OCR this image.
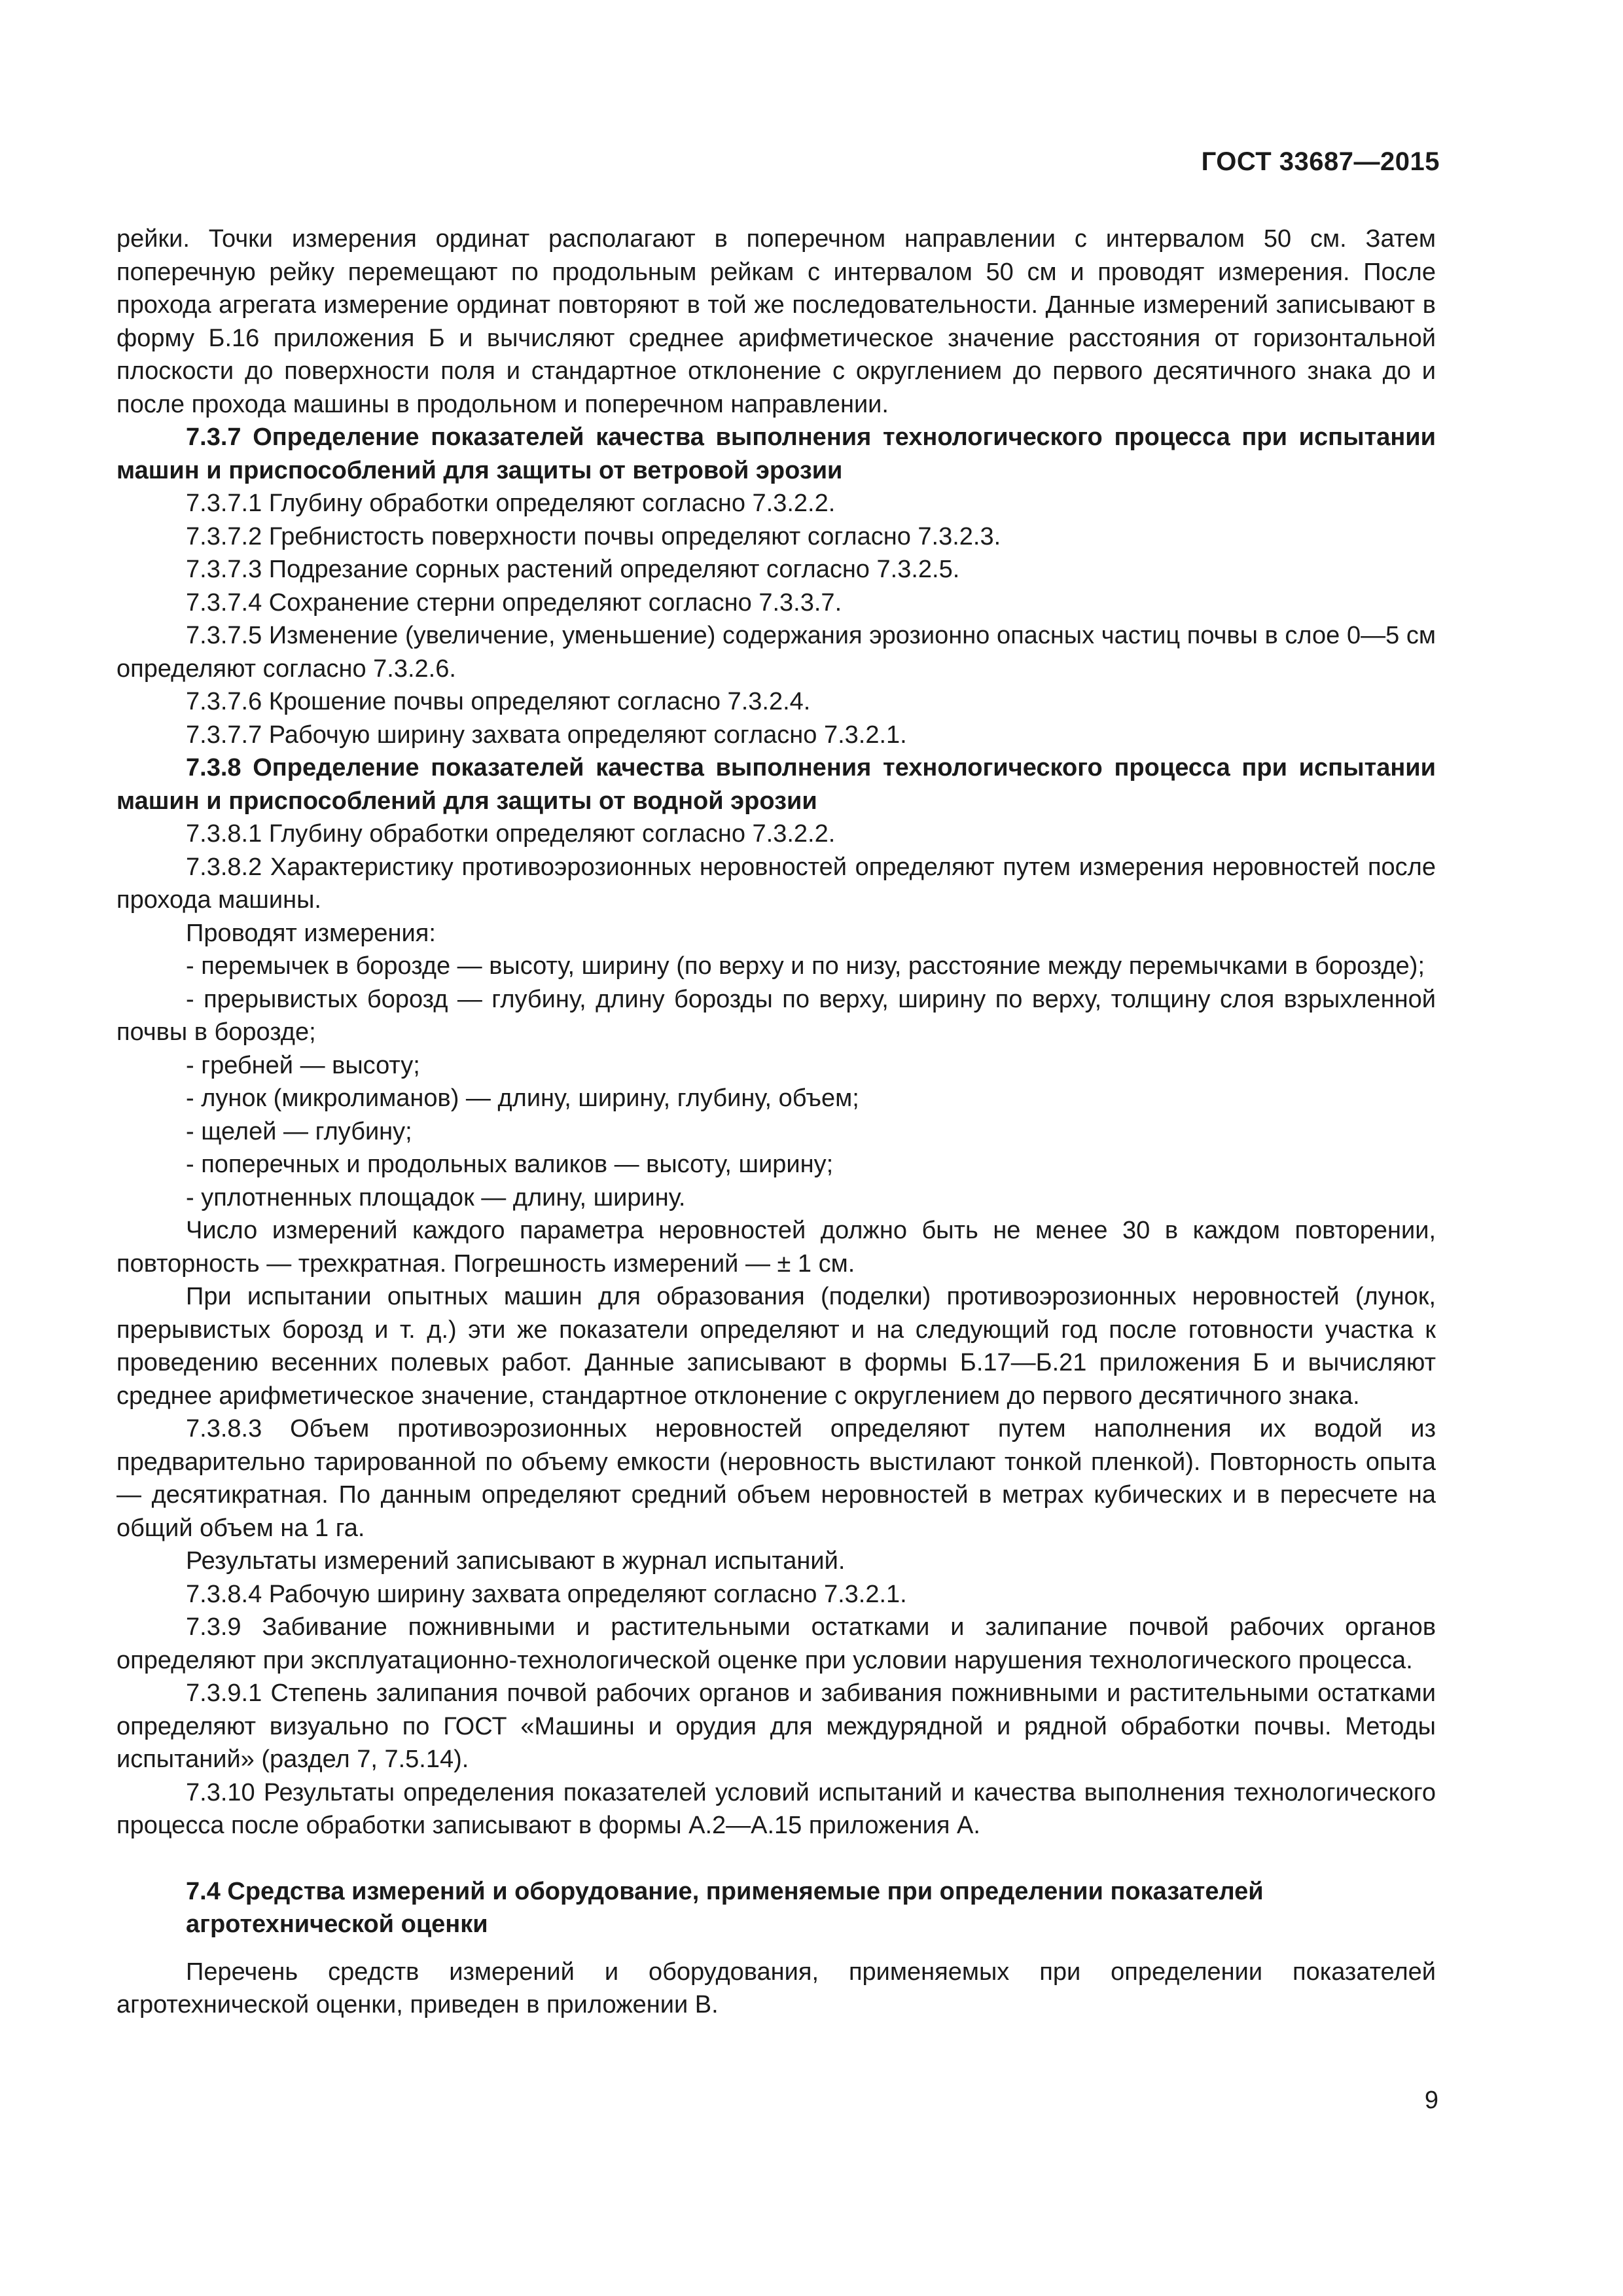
ГОСТ 33687—2015

рейки. Точки измерения ординат располагают в поперечном направлении с интервалом 50 см. Затем поперечную рейку перемещают по продольным рейкам с интервалом 50 см и проводят измерения. После прохода агрегата измерение ординат повторяют в той же последовательности. Данные измерений записывают в форму Б.16 приложения Б и вычисляют среднее арифметическое значение расстояния от горизонтальной плоскости до поверхности поля и стандартное отклонение с округлением до первого десятичного знака до и после прохода машины в продольном и поперечном направлении.

7.3.7 Определение показателей качества выполнения технологического процесса при испытании машин и приспособлений для защиты от ветровой эрозии

7.3.7.1 Глубину обработки определяют согласно 7.3.2.2.

7.3.7.2 Гребнистость поверхности почвы определяют согласно 7.3.2.3.

7.3.7.3 Подрезание сорных растений определяют согласно 7.3.2.5.

7.3.7.4 Сохранение стерни определяют согласно 7.3.3.7.

7.3.7.5 Изменение (увеличение, уменьшение) содержания эрозионно опасных частиц почвы в слое 0—5 см определяют согласно 7.3.2.6.

7.3.7.6 Крошение почвы определяют согласно 7.3.2.4.

7.3.7.7 Рабочую ширину захвата определяют согласно 7.3.2.1.

7.3.8 Определение показателей качества выполнения технологического процесса при испытании машин и приспособлений для защиты от водной эрозии

7.3.8.1 Глубину обработки определяют согласно 7.3.2.2.

7.3.8.2 Характеристику противоэрозионных неровностей определяют путем измерения неровностей после прохода машины.

Проводят измерения:

- перемычек в борозде — высоту, ширину (по верху и по низу, расстояние между перемычками в борозде);

- прерывистых борозд — глубину, длину борозды по верху, ширину по верху, толщину слоя взрыхленной почвы в борозде;

- гребней — высоту;

- лунок (микролиманов) — длину, ширину, глубину, объем;

- щелей — глубину;

- поперечных и продольных валиков — высоту, ширину;

- уплотненных площадок — длину, ширину.

Число измерений каждого параметра неровностей должно быть не менее 30 в каждом повторении, повторность — трехкратная. Погрешность измерений — ± 1 см.

При испытании опытных машин для образования (поделки) противоэрозионных неровностей (лунок, прерывистых борозд и т. д.) эти же показатели определяют и на следующий год после готовности участка к проведению весенних полевых работ. Данные записывают в формы Б.17—Б.21 приложения Б и вычисляют среднее арифметическое значение, стандартное отклонение с округлением до первого десятичного знака.

7.3.8.3 Объем противоэрозионных неровностей определяют путем наполнения их водой из предварительно тарированной по объему емкости (неровность выстилают тонкой пленкой). Повторность опыта — десятикратная. По данным определяют средний объем неровностей в метрах кубических и в пересчете на общий объем на 1 га.

Результаты измерений записывают в журнал испытаний.

7.3.8.4 Рабочую ширину захвата определяют согласно 7.3.2.1.

7.3.9 Забивание пожнивными и растительными остатками и залипание почвой рабочих органов определяют при эксплуатационно-технологической оценке при условии нарушения технологического процесса.

7.3.9.1 Степень залипания почвой рабочих органов и забивания пожнивными и растительными остатками определяют визуально по ГОСТ «Машины и орудия для междурядной и рядной обработки почвы. Методы испытаний» (раздел 7, 7.5.14).

7.3.10 Результаты определения показателей условий испытаний и качества выполнения технологического процесса после обработки записывают в формы А.2—А.15 приложения А.

7.4 Средства измерений и оборудование, применяемые при определении показателей агротехнической оценки

Перечень средств измерений и оборудования, применяемых при определении показателей агротехнической оценки, приведен в приложении В.

9
